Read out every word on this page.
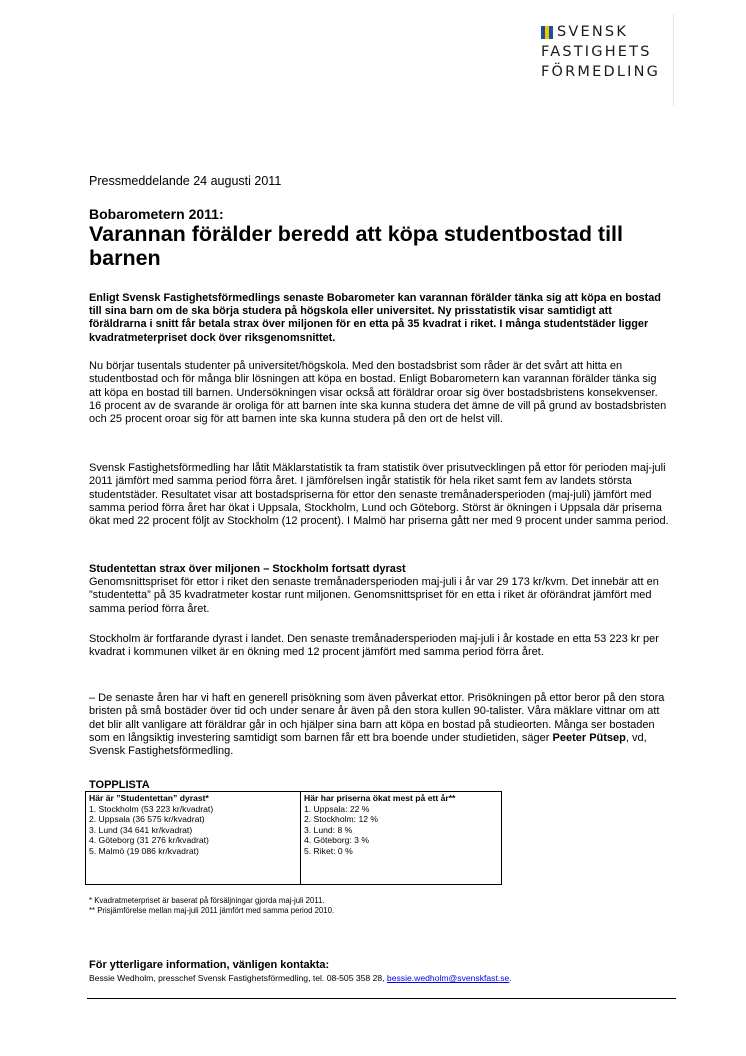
SVENSK
FASTIGHETS
FÖRMEDLING
Pressmeddelande 24 augusti 2011
Bobarometern 2011:
Varannan förälder beredd att köpa studentbostad till barnen

Enligt Svensk Fastighetsförmedlings senaste Bobarometer kan varannan förälder tänka sig att köpa en bostad till sina barn om de ska börja studera på högskola eller universitet. Ny prisstatistik visar samtidigt att föräldrarna i snitt får betala strax över miljonen för en etta på 35 kvadrat i riket. I många studentstäder ligger kvadratmeterpriset dock över riksgenomsnittet.

Nu börjar tusentals studenter på universitet/högskola. Med den bostadsbrist som råder är det svårt att hitta en studentbostad och för många blir lösningen att köpa en bostad. Enligt Bobarometern kan varannan förälder tänka sig att köpa en bostad till barnen. Undersökningen visar också att föräldrar oroar sig över bostadsbristens konsekvenser. 16 procent av de svarande är oroliga för att barnen inte ska kunna studera det ämne de vill på grund av bostadsbristen och 25 procent oroar sig för att barnen inte ska kunna studera på den ort de helst vill.

Svensk Fastighetsförmedling har låtit Mäklarstatistik ta fram statistik över prisutvecklingen på ettor för perioden maj-juli 2011 jämfört med samma period förra året. I jämförelsen ingår statistik för hela riket samt fem av landets största studentstäder. Resultatet visar att bostadspriserna för ettor den senaste tremånadersperioden (maj-juli) jämfört med samma period förra året har ökat i Uppsala, Stockholm, Lund och Göteborg. Störst är ökningen i Uppsala där priserna ökat med 22 procent följt av Stockholm (12 procent). I Malmö har priserna gått ner med 9 procent under samma period.

Studentettan strax över miljonen – Stockholm fortsatt dyrast

Genomsnittspriset för ettor i riket den senaste tremånadersperioden maj-juli i år var 29 173 kr/kvm. Det innebär att en ”studentetta” på 35 kvadratmeter kostar runt miljonen. Genomsnittspriset för en etta i riket är oförändrat jämfört med samma period förra året.

Stockholm är fortfarande dyrast i landet. Den senaste tremånadersperioden maj-juli i år kostade en etta 53 223 kr per kvadrat i kommunen vilket är en ökning med 12 procent jämfört med samma period förra året.

– De senaste åren har vi haft en generell prisökning som även påverkat ettor. Prisökningen på ettor beror på den stora bristen på små bostäder över tid och under senare år även på den stora kullen 90-talister. Våra mäklare vittnar om att det blir allt vanligare att föräldrar går in och hjälper sina barn att köpa en bostad på studieorten. Många ser bostaden som en långsiktig investering samtidigt som barnen får ett bra boende under studietiden, säger Peeter Pütsep, vd, Svensk Fastighetsförmedling.

TOPPLISTA
Här är ”Studentettan” dyrast*
1. Stockholm (53 223 kr/kvadrat)
2. Uppsala (36 575 kr/kvadrat)
3. Lund (34 641 kr/kvadrat)
4. Göteborg (31 276 kr/kvadrat)
5. Malmö (19 086 kr/kvadrat)

Här har priserna ökat mest på ett år**
1. Uppsala: 22 %
2. Stockholm: 12 %
3. Lund: 8 %
4. Göteborg: 3 %
5. Riket: 0 %
* Kvadratmeterpriset är baserat på försäljningar gjorda maj-juli 2011.
** Prisjämförelse mellan maj-juli 2011 jämfört med samma period 2010.
För ytterligare information, vänligen kontakta:
Bessie Wedholm, presschef Svensk Fastighetsförmedling, tel. 08-505 358 28, bessie.wedholm@svenskfast.se.
